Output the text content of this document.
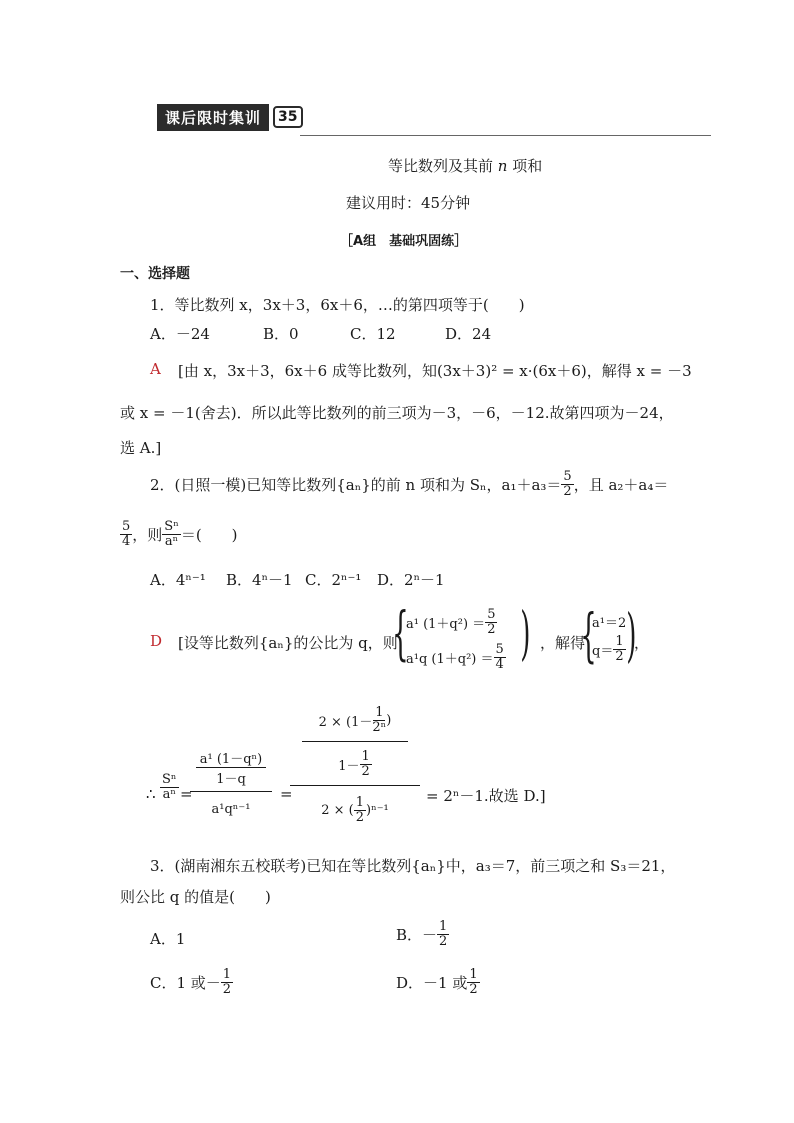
课后限时集训	35
等比数列及其前 n 项和
建议用时：45分钟
［A组　基础巩固练］
一、选择题
1．等比数列 x，3x＋3，6x＋6，…的第四项等于(　　)
A．－24	B．0	C．12	D．24
A [由 x，3x＋3，6x＋6 成等比数列，知(3x＋3)² = x·(6x＋6)，解得 x = －3
或 x = －1(舍去)．所以此等比数列的前三项为－3，－6，－12.故第四项为－24，
选 A.]
2．(日照一模)已知等比数列{aₙ}的前 n 项和为 Sₙ，$a_1+a_3= \frac{5}{2}$ ，且 a₂＋a₄＝
$\frac{5}{4}$ ，则 $\frac{\text{Sⁿ}}{\text{aⁿ}}$ ＝(　　)
A．4ⁿ⁻¹ B．4ⁿ－1 C．2ⁿ⁻¹ D．2ⁿ－1
D [设等比数列{aₙ}的公比为 q，则
{
a¹ $(1+q^2) = \frac{5}{2}$
a¹q $(1+q^2) = \frac{5}{4}$ ) ，解得
{
a¹＝2
$q= \frac{1}{2}$ )
，
∴ $\frac{\text{Sⁿ}}{\text{aⁿ}}$ =
$\frac{\text{a¹ (1－qⁿ)}}{1-q}$
a¹qⁿ⁻¹
=
$2 \times (1- \frac{1}{\text{2ⁿ}}$ )
$1- \frac{1}{2}$
2 × ( $\frac{1}{2} )^{n-1}$
= 2ⁿ－1.故选 D.]
3．(湖南湘东五校联考)已知在等比数列{aₙ}中，a₃＝7，前三项之和 S₃＝21，
则公比 q 的值是(　　)
A．1	B．－ $\frac{1}{2}$
C．1 或－ $\frac{1}{2}$	D．－1 或 $\frac{1}{2}$
